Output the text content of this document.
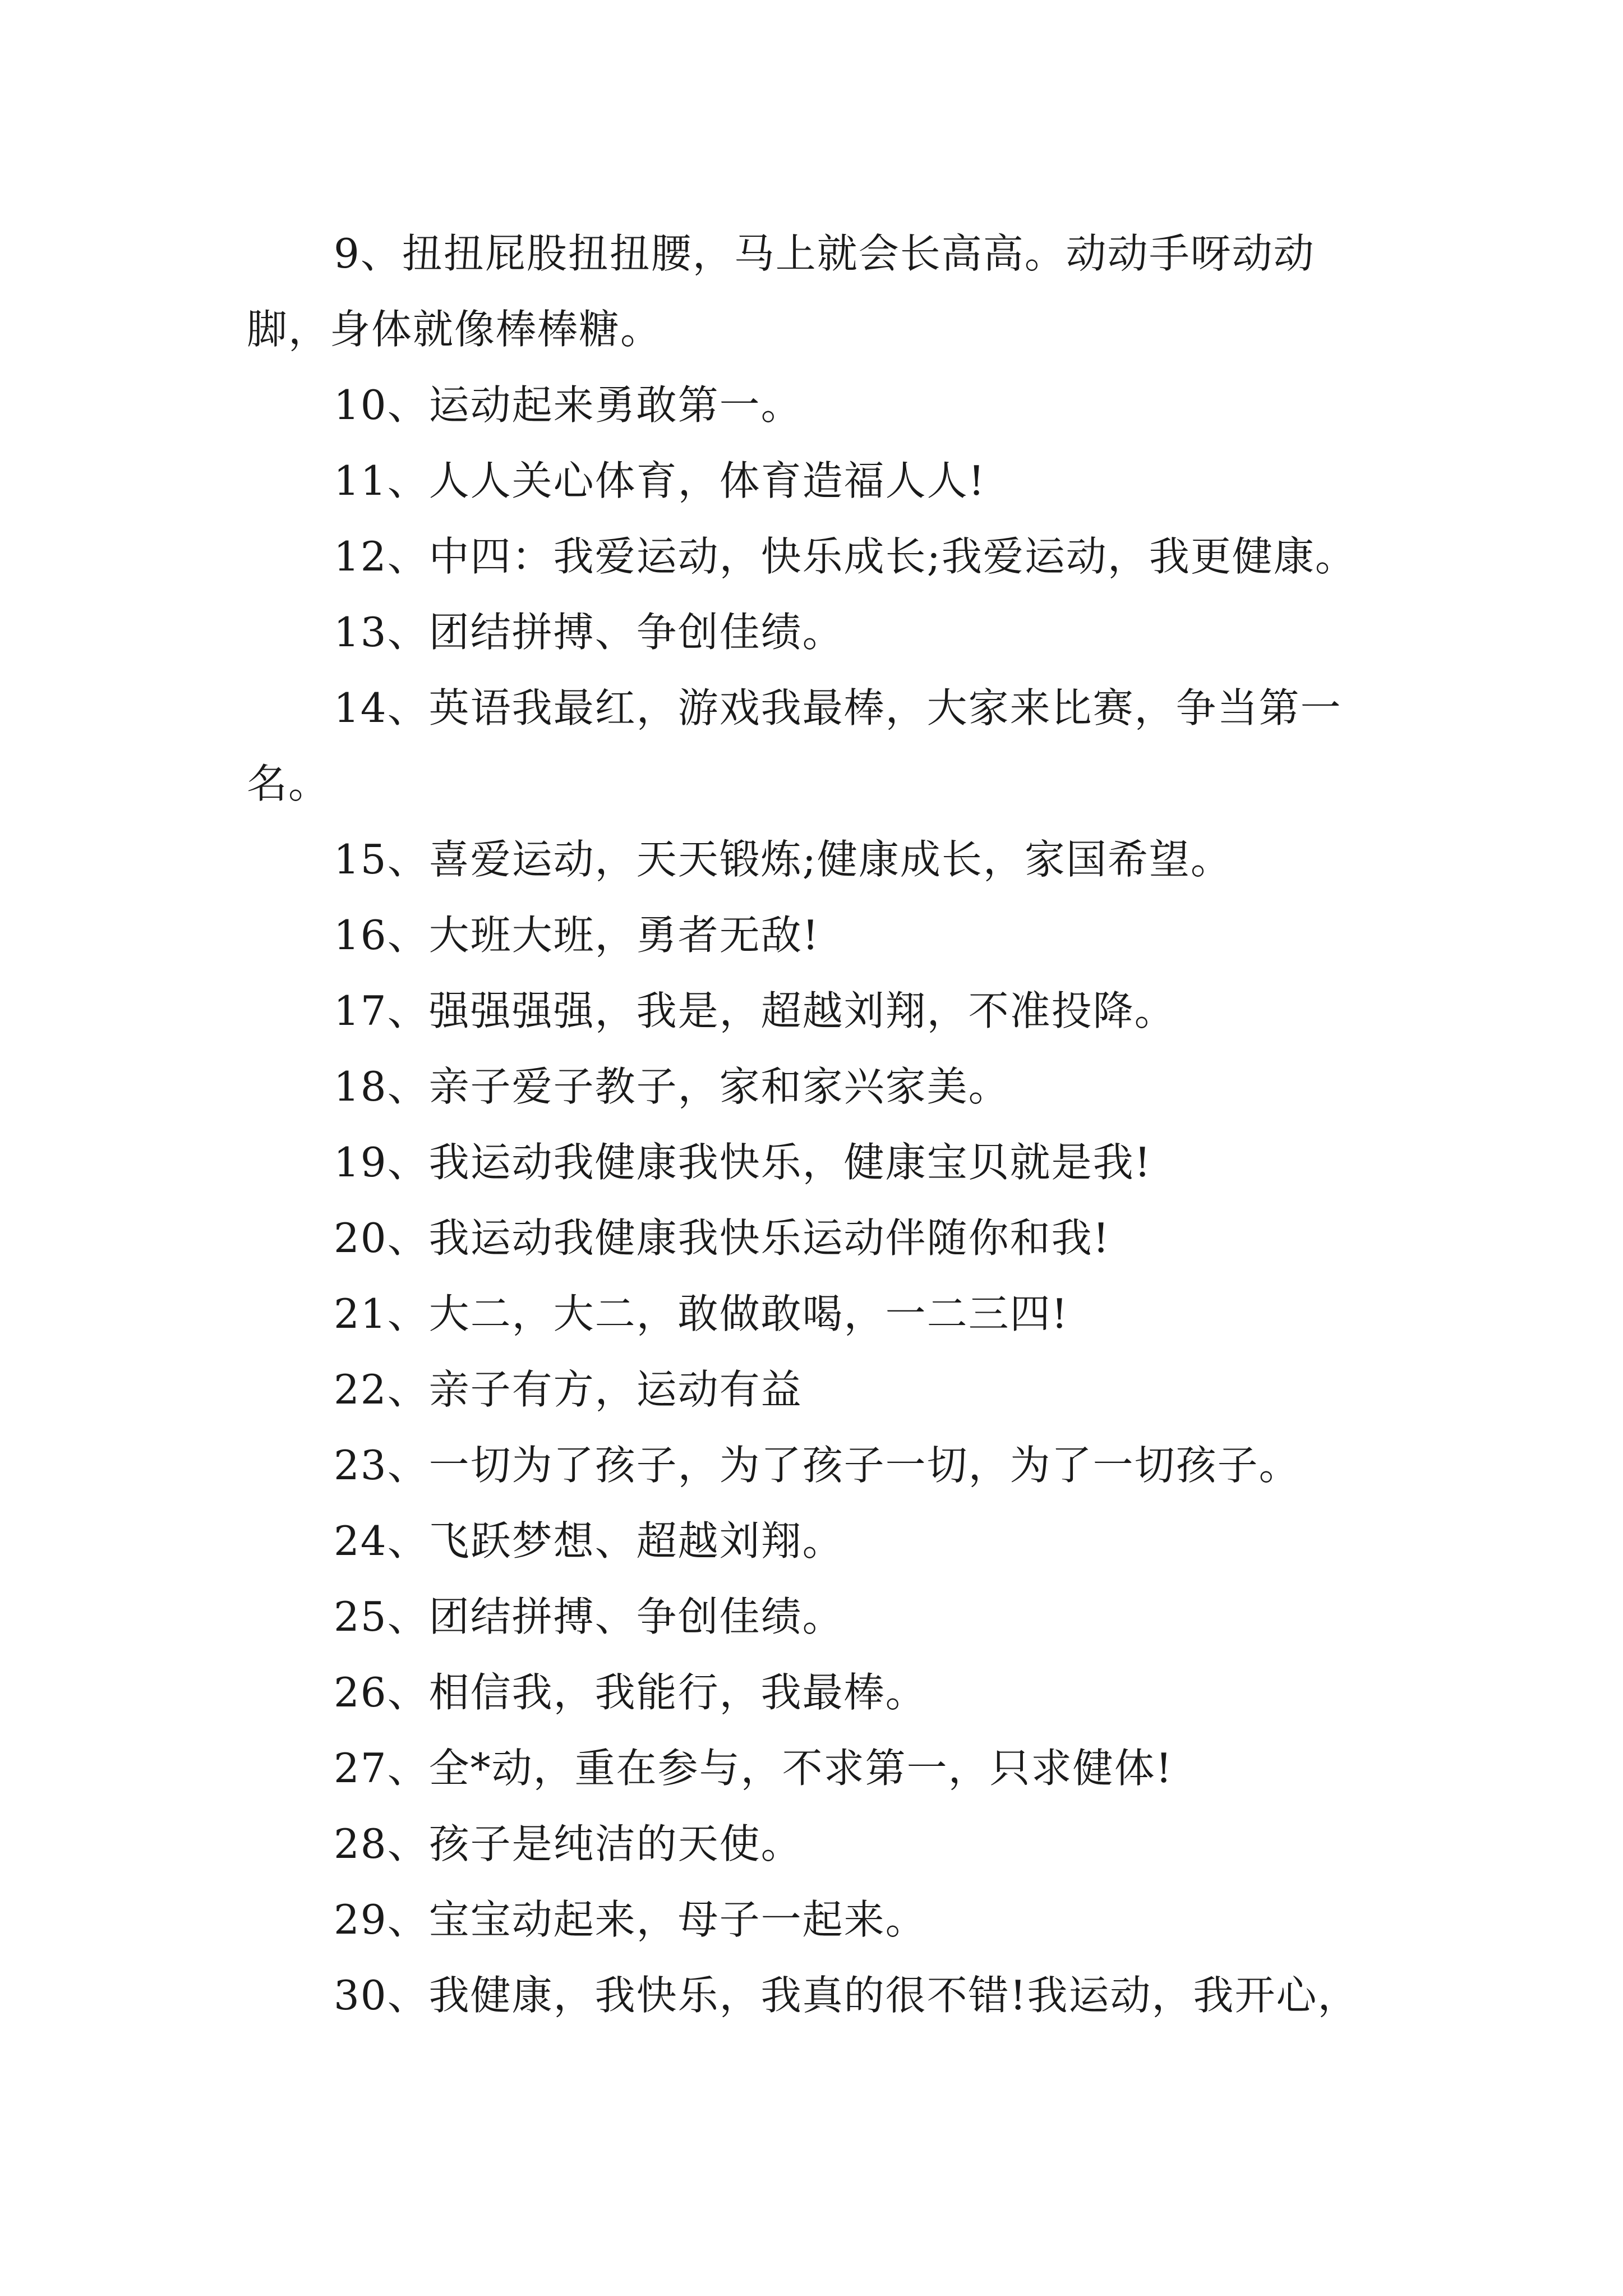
9、扭扭屁股扭扭腰，马上就会长高高。动动手呀动动脚，身体就像棒棒糖。

10、运动起来勇敢第一。

11、人人关心体育，体育造福人人!

12、中四：我爱运动，快乐成长;我爱运动，我更健康。

13、团结拼搏、争创佳绩。

14、英语我最红，游戏我最棒，大家来比赛，争当第一名。

15、喜爱运动，天天锻炼;健康成长，家国希望。

16、大班大班，勇者无敌!

17、强强强强，我是，超越刘翔，不准投降。

18、亲子爱子教子，家和家兴家美。

19、我运动我健康我快乐，健康宝贝就是我!

20、我运动我健康我快乐运动伴随你和我!

21、大二，大二，敢做敢喝，一二三四!

22、亲子有方，运动有益

23、一切为了孩子，为了孩子一切，为了一切孩子。

24、飞跃梦想、超越刘翔。

25、团结拼搏、争创佳绩。

26、相信我，我能行，我最棒。

27、全*动，重在参与，不求第一，只求健体!

28、孩子是纯洁的天使。

29、宝宝动起来，母子一起来。

30、我健康，我快乐，我真的很不错!我运动，我开心，
